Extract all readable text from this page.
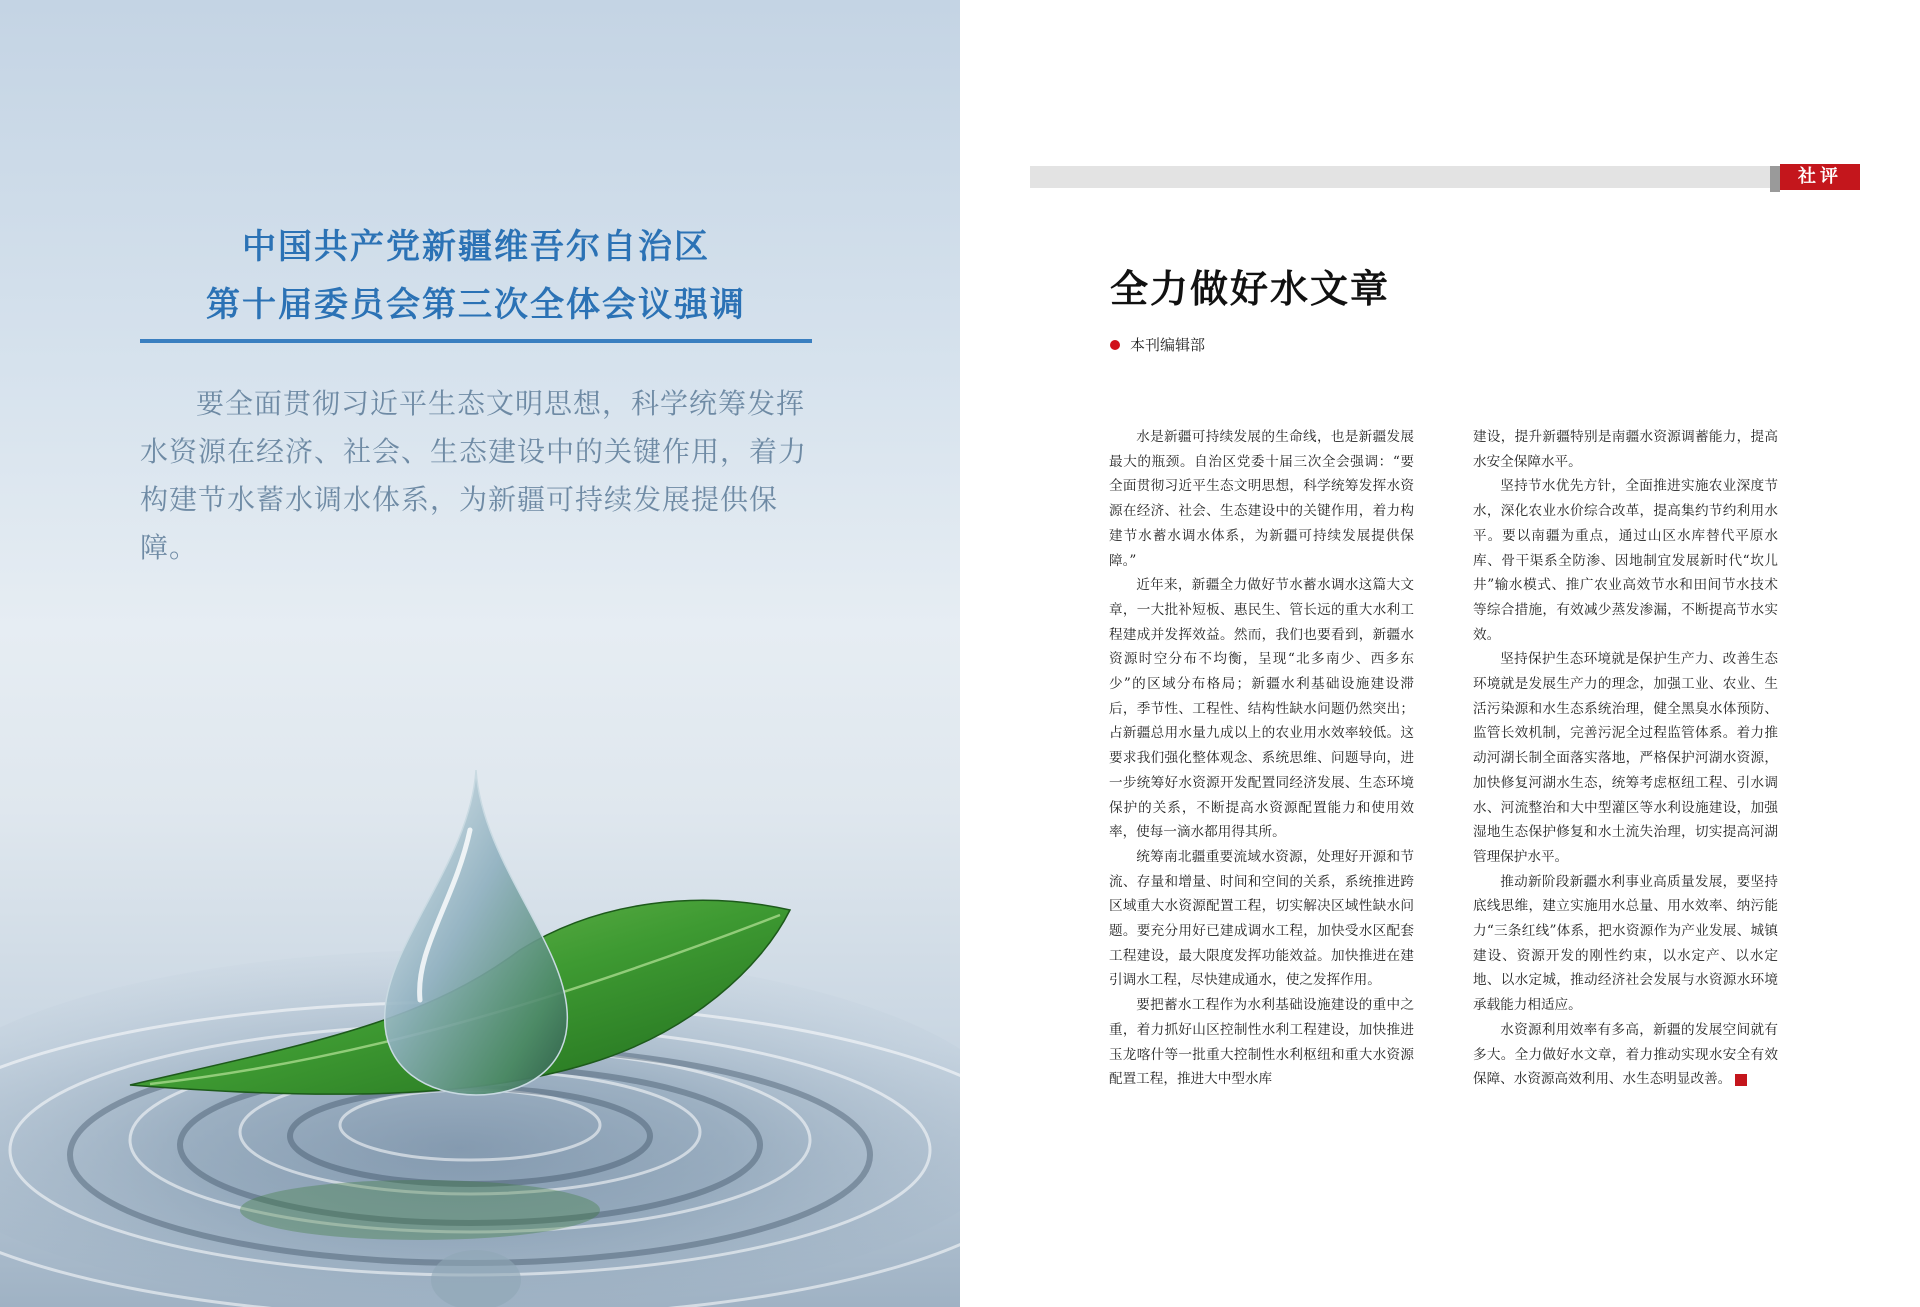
中国共产党新疆维吾尔自治区
第十届委员会第三次全体会议强调

要全面贯彻习近平生态文明思想，科学统筹发挥水资源在经济、社会、生态建设中的关键作用，着力构建节水蓄水调水体系，为新疆可持续发展提供保障。

社评
全力做好水文章
本刊编辑部

水是新疆可持续发展的生命线，也是新疆发展最大的瓶颈。自治区党委十届三次全会强调：“要全面贯彻习近平生态文明思想，科学统筹发挥水资源在经济、社会、生态建设中的关键作用，着力构建节水蓄水调水体系，为新疆可持续发展提供保障。”

近年来，新疆全力做好节水蓄水调水这篇大文章，一大批补短板、惠民生、管长远的重大水利工程建成并发挥效益。然而，我们也要看到，新疆水资源时空分布不均衡，呈现“北多南少、西多东少”的区域分布格局；新疆水利基础设施建设滞后，季节性、工程性、结构性缺水问题仍然突出；占新疆总用水量九成以上的农业用水效率较低。这要求我们强化整体观念、系统思维、问题导向，进一步统筹好水资源开发配置同经济发展、生态环境保护的关系，不断提高水资源配置能力和使用效率，使每一滴水都用得其所。

统筹南北疆重要流域水资源，处理好开源和节流、存量和增量、时间和空间的关系，系统推进跨区域重大水资源配置工程，切实解决区域性缺水问题。要充分用好已建成调水工程，加快受水区配套工程建设，最大限度发挥功能效益。加快推进在建引调水工程，尽快建成通水，使之发挥作用。

要把蓄水工程作为水利基础设施建设的重中之重，着力抓好山区控制性水利工程建设，加快推进玉龙喀什等一批重大控制性水利枢纽和重大水资源配置工程，推进大中型水库

建设，提升新疆特别是南疆水资源调蓄能力，提高水安全保障水平。

坚持节水优先方针，全面推进实施农业深度节水，深化农业水价综合改革，提高集约节约利用水平。要以南疆为重点，通过山区水库替代平原水库、骨干渠系全防渗、因地制宜发展新时代“坎儿井”输水模式、推广农业高效节水和田间节水技术等综合措施，有效减少蒸发渗漏，不断提高节水实效。

坚持保护生态环境就是保护生产力、改善生态环境就是发展生产力的理念，加强工业、农业、生活污染源和水生态系统治理，健全黑臭水体预防、监管长效机制，完善污泥全过程监管体系。着力推动河湖长制全面落实落地，严格保护河湖水资源，加快修复河湖水生态，统筹考虑枢纽工程、引水调水、河流整治和大中型灌区等水利设施建设，加强湿地生态保护修复和水土流失治理，切实提高河湖管理保护水平。

推动新阶段新疆水利事业高质量发展，要坚持底线思维，建立实施用水总量、用水效率、纳污能力“三条红线”体系，把水资源作为产业发展、城镇建设、资源开发的刚性约束，以水定产、以水定地、以水定城，推动经济社会发展与水资源水环境承载能力相适应。

水资源利用效率有多高，新疆的发展空间就有多大。全力做好水文章，着力推动实现水安全有效保障、水资源高效利用、水生态明显改善。
